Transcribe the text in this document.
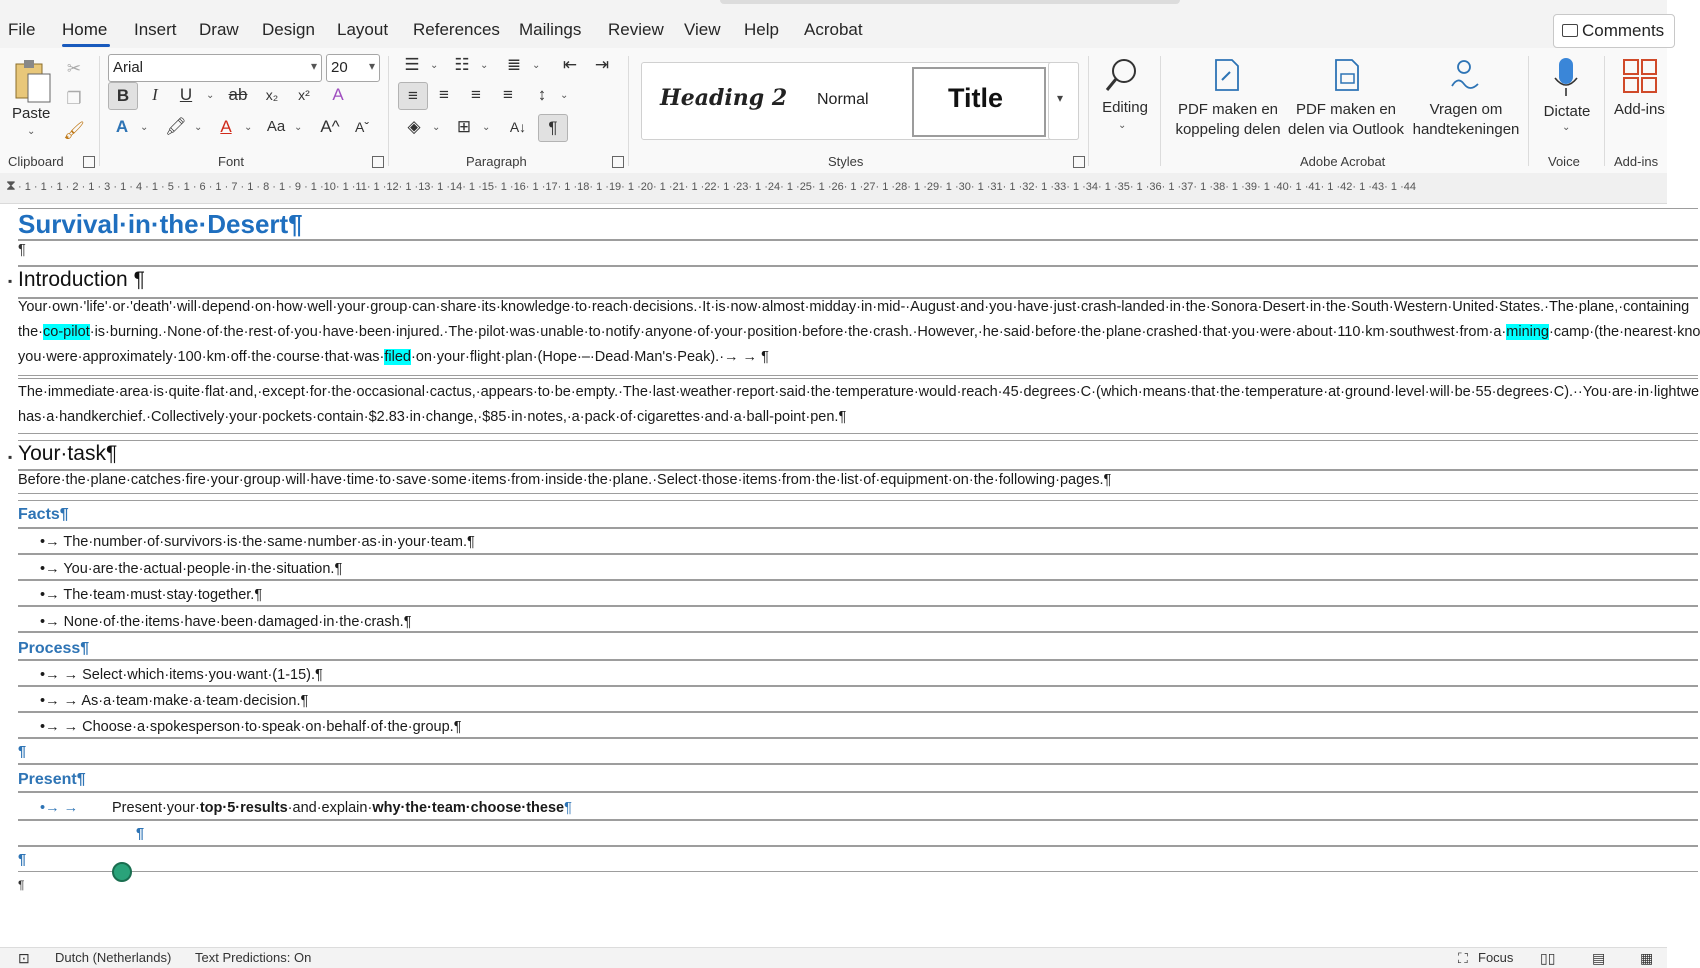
File Home Insert Draw Design Layout References Mailings Review View Help Acrobat	Comments
Paste
⌄
✂
❐
🖌
Clipboard
Arial	▾ 20 ▾
B	I	U	⌄ ab	x₂	x²	A
A	⌄ 🖍 ⌄	A	⌄ Aa ⌄ A^	Aˇ
Font
☰	⌄ ☷	⌄	≣	⌄	⇤	⇥
≡	≡	≡	≡	↕	⌄
◈	⌄ ⊞	⌄	A↓	¶
Paragraph
Heading 2 Normal	Title	▾
Styles
Editing
⌄
PDF maken en
koppeling delen
PDF maken en
delen via Outlook
Vragen om
handtekeningen
Adobe Acrobat
Dictate
⌄
Voice
Add-ins
Add-ins
⧗ · 1 · 1 · 1 · 2 · 1 · 3 · 1 · 4 · 1 · 5 · 1 · 6 · 1 · 7 · 1 · 8 · 1 · 9 · 1 ·10· 1 ·11· 1 ·12· 1 ·13· 1 ·14· 1 ·15· 1 ·16· 1 ·17· 1 ·18· 1 ·19· 1 ·20· 1 ·21· 1 ·22· 1 ·23· 1 ·24· 1 ·25· 1 ·26· 1 ·27· 1 ·28· 1 ·29· 1 ·30· 1 ·31· 1 ·32· 1 ·33· 1 ·34· 1 ·35· 1 ·36· 1 ·37· 1 ·38· 1 ·39· 1 ·40· 1 ·41· 1 ·42· 1 ·43· 1 ·44
Survival·in·the·Desert¶
¶
▪ Introduction ¶
Your·own·'life'·or·'death'·will·depend·on·how·well·your·group·can·share·its·knowledge·to·reach·decisions.·It·is·now·almost·midday·in·mid-·August·and·you·have·just·crash-landed·in·the·Sonora·Desert·in·the·South·Western·United·States.·The·plane,·containing
the·co-pilot·is·burning.·None·of·the·rest·of·you·have·been·injured.·The·pilot·was·unable·to·notify·anyone·of·your·position·before·the·crash.·However,·he·said·before·the·plane·crashed·that·you·were·about·110·km·southwest·from·a·mining·camp·(the·nearest·kno
you·were·approximately·100·km·off·the·course·that·was·filed·on·your·flight·plan·(Hope·–·Dead·Man's·Peak).·→ → ¶
The·immediate·area·is·quite·flat·and,·except·for·the·occasional·cactus,·appears·to·be·empty.·The·last·weather·report·said·the·temperature·would·reach·45·degrees·C·(which·means·that·the·temperature·at·ground·level·will·be·55·degrees·C).··You·are·in·lightwe
has·a·handkerchief.·Collectively·your·pockets·contain·$2.83·in·change,·$85·in·notes,·a·pack·of·cigarettes·and·a·ball-point·pen.¶
▪ Your·task¶
Before·the·plane·catches·fire·your·group·will·have·time·to·save·some·items·from·inside·the·plane.·Select·those·items·from·the·list·of·equipment·on·the·following·pages.¶
Facts¶
•→ The·number·of·survivors·is·the·same·number·as·in·your·team.¶
•→ You·are·the·actual·people·in·the·situation.¶
•→ The·team·must·stay·together.¶
•→ None·of·the·items·have·been·damaged·in·the·crash.¶
Process¶
•→ → Select·which·items·you·want·(1-15).¶
•→ → As·a·team·make·a·team·decision.¶
•→ → Choose·a·spokesperson·to·speak·on·behalf·of·the·group.¶
¶
Present¶
•→ → Present·your·top·5·results·and·explain·why·the·team·choose·these¶
¶
¶
¶
⊡ Dutch (Netherlands) Text Predictions: On	⛶ Focus ▯▯	▤ ▦
